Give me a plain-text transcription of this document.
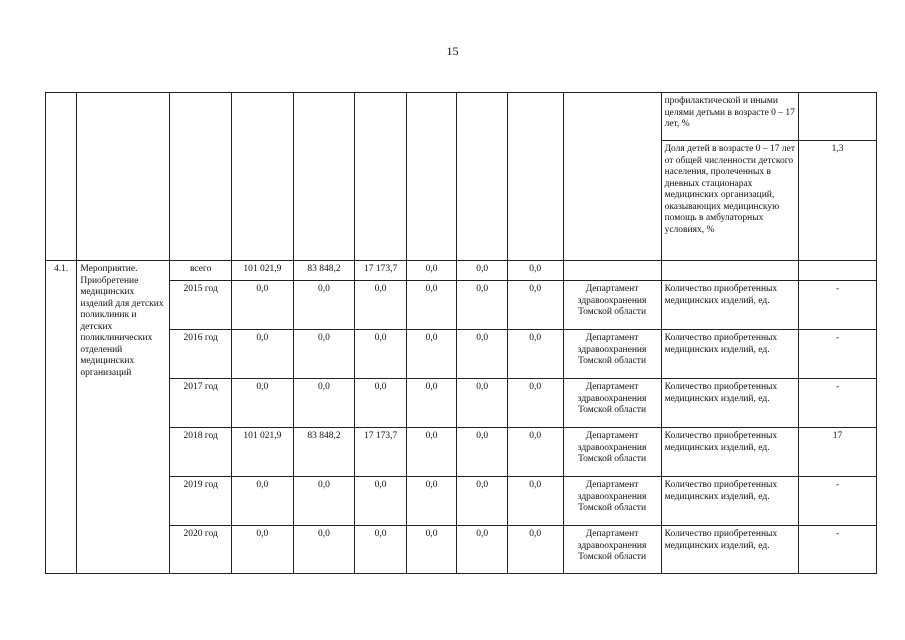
15
										профилактической и иными целями детьми в возрасте 0 – 17 лет, %	
										Доля детей в возрасте 0 – 17 лет от общей численности детского населения, пролеченных в дневных стационарах медицинских организаций, оказывающих медицинскую помощь в амбулаторных условиях, %	1,3
4.1.	Мероприятие. Приобретение медицинских изделий для детских поликлиник и детских поликлинических отделений медицинских организаций	всего	101 021,9	83 848,2	17 173,7	0,0	0,0	0,0			
		2015 год	0,0	0,0	0,0	0,0	0,0	0,0	Департамент здравоохранения Томской области	Количество приобретенных медицинских изделий, ед.	-
		2016 год	0,0	0,0	0,0	0,0	0,0	0,0	Департамент здравоохранения Томской области	Количество приобретенных медицинских изделий, ед.	-
		2017 год	0,0	0,0	0,0	0,0	0,0	0,0	Департамент здравоохранения Томской области	Количество приобретенных медицинских изделий, ед.	-
		2018 год	101 021,9	83 848,2	17 173,7	0,0	0,0	0,0	Департамент здравоохранения Томской области	Количество приобретенных медицинских изделий, ед.	17
		2019 год	0,0	0,0	0,0	0,0	0,0	0,0	Департамент здравоохранения Томской области	Количество приобретенных медицинских изделий, ед.	-
		2020 год	0,0	0,0	0,0	0,0	0,0	0,0	Департамент здравоохранения Томской области	Количество приобретенных медицинских изделий, ед.	-
